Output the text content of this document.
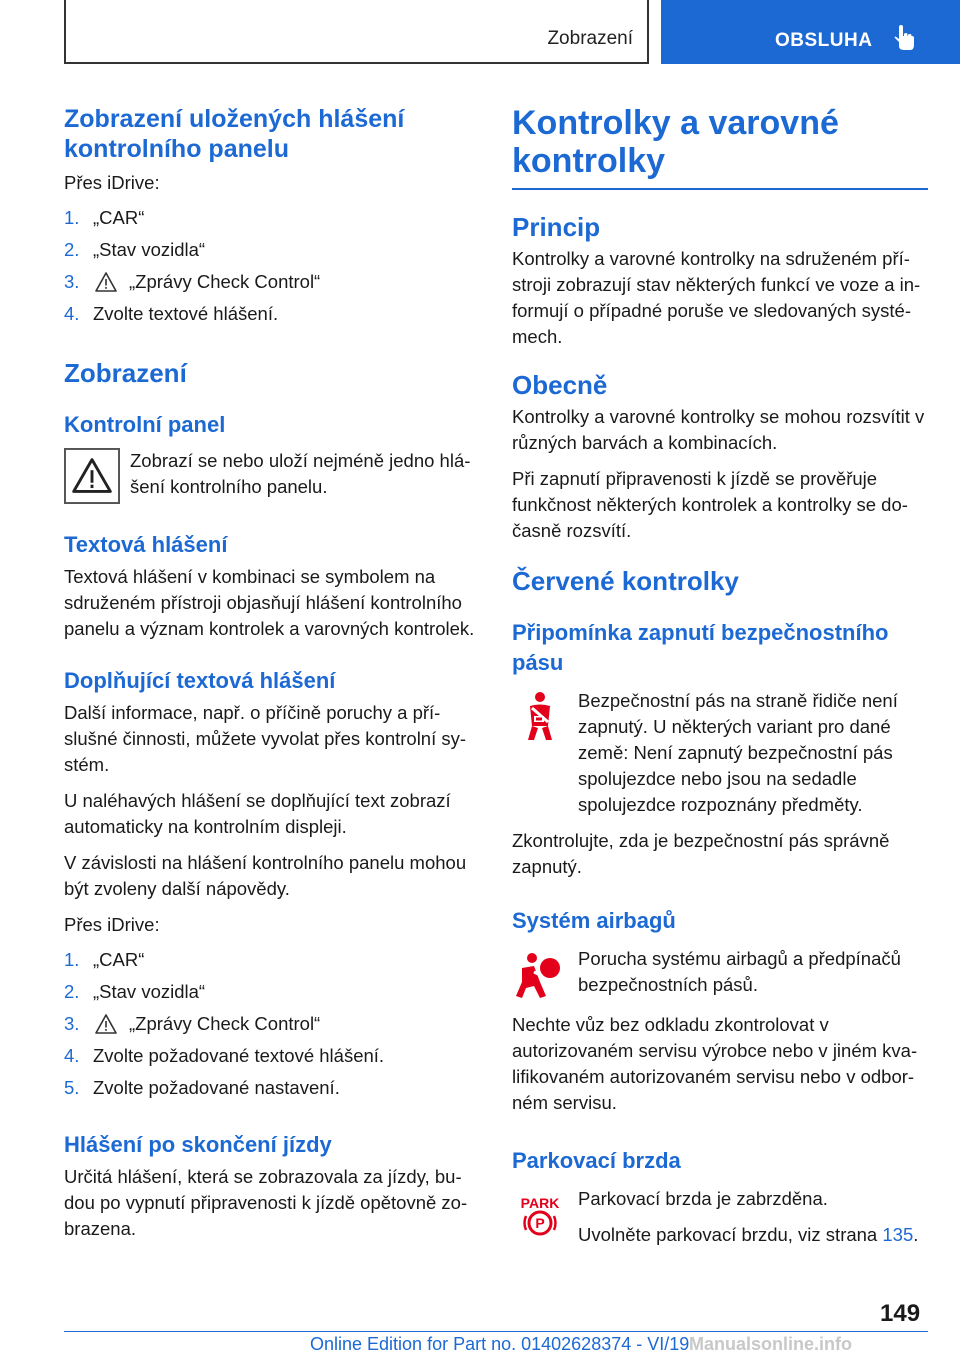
Zobrazení	OBSLUHA
Zobrazení uložených hlášení kontrolního panelu

Přes iDrive:

1. „CAR“
2. „Stav vozidla“
3.	„Zprávy Check Control“
4. Zvolte textové hlášení.
Zobrazení
Kontrolní panel

Zobrazí se nebo uloží nejméně jedno hlášení kontrolního panelu.

Textová hlášení

Textová hlášení v kombinaci se symbolem na sdruženém přístroji objasňují hlášení kontrolního panelu a význam kontrolek a varovných kontrolek.

Doplňující textová hlášení

Další informace, např. o příčině poruchy a příslušné činnosti, můžete vyvolat přes kontrolní systém.

U naléhavých hlášení se doplňující text zobrazí automaticky na kontrolním displeji.

V závislosti na hlášení kontrolního panelu mohou být zvoleny další nápovědy.

Přes iDrive:

1. „CAR“
2. „Stav vozidla“
3.	„Zprávy Check Control“
4. Zvolte požadované textové hlášení.
5. Zvolte požadované nastavení.
Hlášení po skončení jízdy

Určitá hlášení, která se zobrazovala za jízdy, budou po vypnutí připravenosti k jízdě opětovně zobrazena.

Kontrolky a varovné kontrolky
Princip

Kontrolky a varovné kontrolky na sdruženém přístroji zobrazují stav některých funkcí ve voze a informují o případné poruše ve sledovaných systémech.

Obecně

Kontrolky a varovné kontrolky se mohou rozsvítit v různých barvách a kombinacích.

Při zapnutí připravenosti k jízdě se prověřuje funkčnost některých kontrolek a kontrolky se dočasně rozsvítí.

Červené kontrolky
Připomínka zapnutí bezpečnostního pásu

Bezpečnostní pás na straně řidiče není zapnutý. U některých variant pro dané země: Není zapnutý bezpečnostní pás spolujezdce nebo jsou na sedadle spolujezdce rozpoznány předměty.

Zkontrolujte, zda je bezpečnostní pás správně zapnutý.

Systém airbagů

Porucha systému airbagů a předpínačů bezpečnostních pásů.

Nechte vůz bez odkladu zkontrolovat v autorizovaném servisu výrobce nebo v jiném kvalifikovaném autorizovaném servisu nebo v odborném servisu.

Parkovací brzda
PARK
P

Parkovací brzda je zabrzděna.

Uvolněte parkovací brzdu, viz strana 135.

149
Online Edition for Part no. 01402628374 - VI/19 Manualsonline.info
